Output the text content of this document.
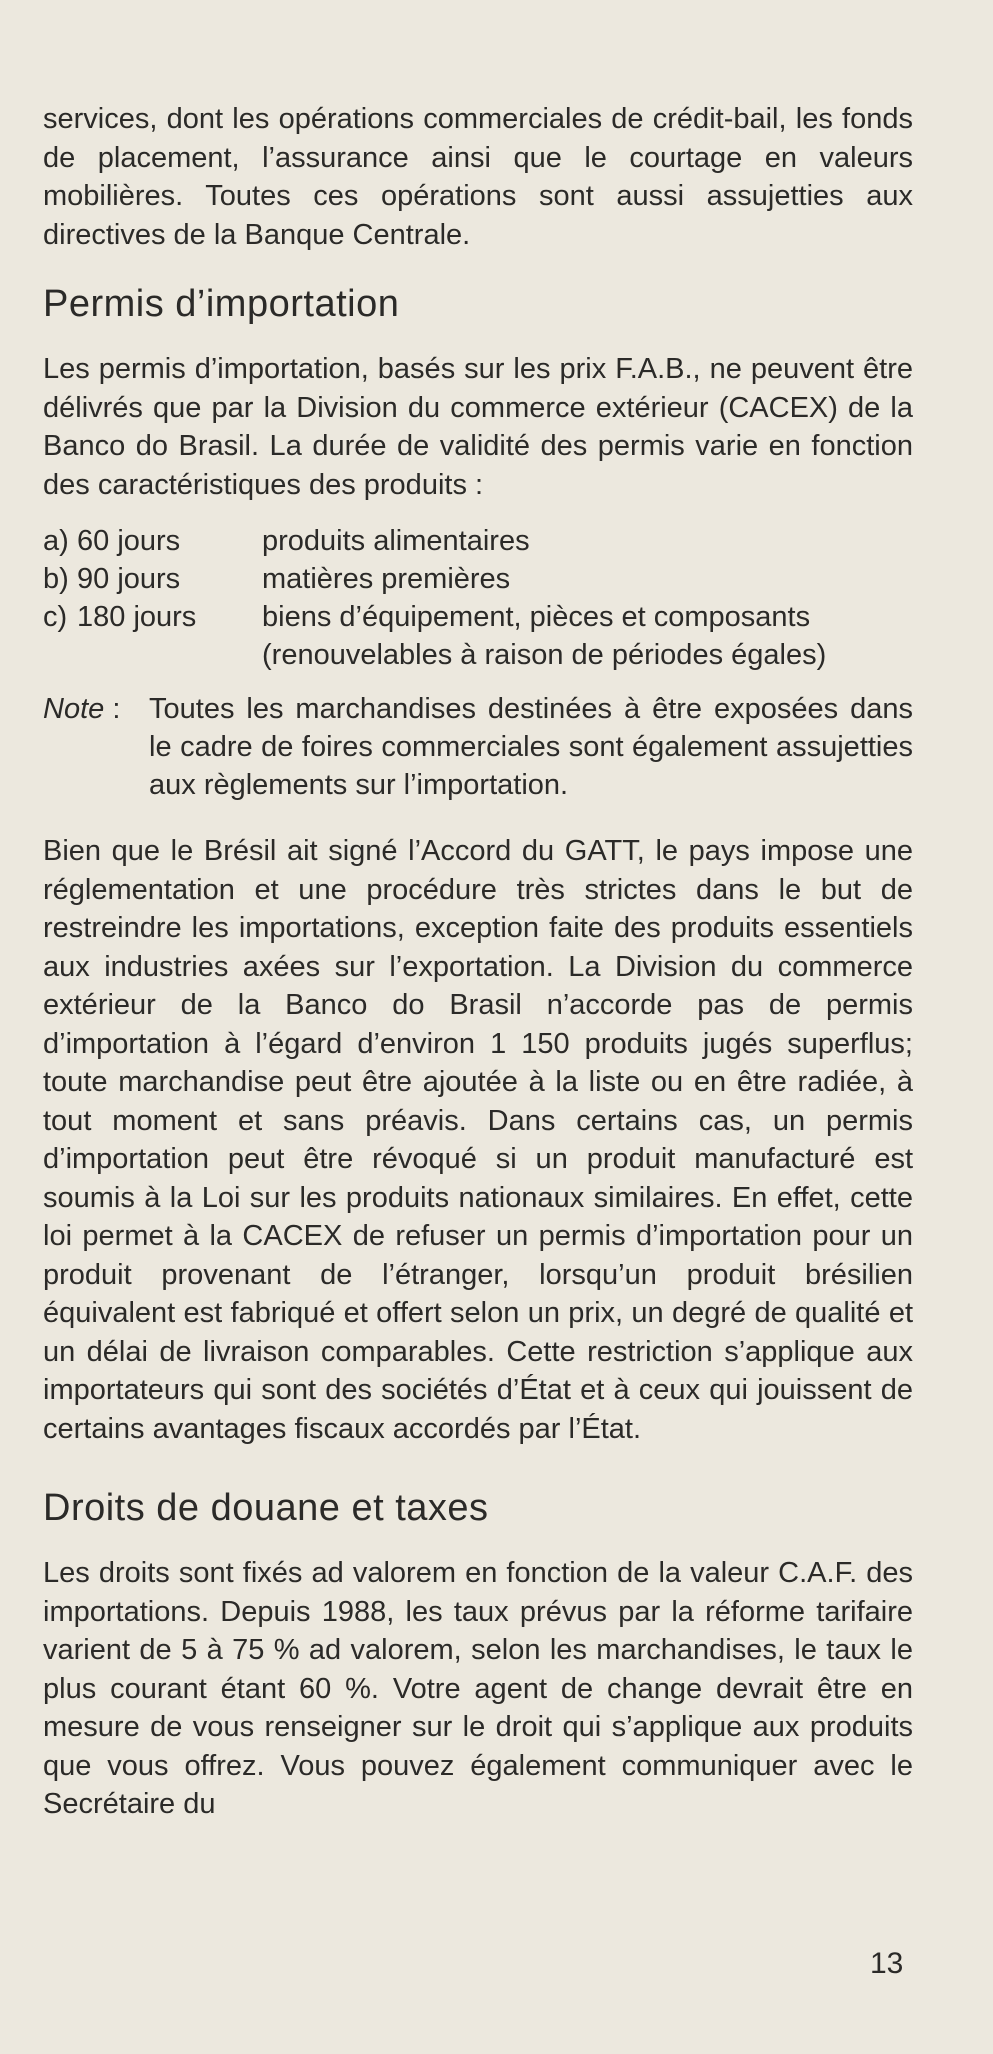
services, dont les opérations commerciales de crédit-bail, les fonds de placement, l’assurance ainsi que le courtage en valeurs mobilières. Toutes ces opérations sont aussi assujetties aux directives de la Banque Centrale.

Permis d’importation

Les permis d’importation, basés sur les prix F.A.B., ne peuvent être délivrés que par la Division du commerce extérieur (CACEX) de la Banco do Brasil. La durée de validité des permis varie en fonction des caractéristiques des produits :

a) 60 jours	produits alimentaires
b) 90 jours	matières premières
c) 180 jours	biens d’équipement, pièces et composants (renouvelables à raison de périodes égales)
Note : Toutes les marchandises destinées à être exposées dans le cadre de foires commerciales sont également assujetties aux règlements sur l’importation.

Bien que le Brésil ait signé l’Accord du GATT, le pays impose une réglementation et une procédure très strictes dans le but de restreindre les importations, exception faite des produits essentiels aux industries axées sur l’exportation. La Division du commerce extérieur de la Banco do Brasil n’accorde pas de permis d’importation à l’égard d’environ 1 150 produits jugés superflus; toute marchandise peut être ajoutée à la liste ou en être radiée, à tout moment et sans préavis. Dans certains cas, un permis d’importation peut être révoqué si un produit manufacturé est soumis à la Loi sur les produits nationaux similaires. En effet, cette loi permet à la CACEX de refuser un permis d’importation pour un produit provenant de l’étranger, lorsqu’un produit brésilien équivalent est fabriqué et offert selon un prix, un degré de qualité et un délai de livraison comparables. Cette restriction s’applique aux importateurs qui sont des sociétés d’État et à ceux qui jouissent de certains avantages fiscaux accordés par l’État.

Droits de douane et taxes

Les droits sont fixés ad valorem en fonction de la valeur C.A.F. des importations. Depuis 1988, les taux prévus par la réforme tarifaire varient de 5 à 75 % ad valorem, selon les marchandises, le taux le plus courant étant 60 %. Votre agent de change devrait être en mesure de vous renseigner sur le droit qui s’applique aux produits que vous offrez. Vous pouvez également communiquer avec le Secrétaire du

13
